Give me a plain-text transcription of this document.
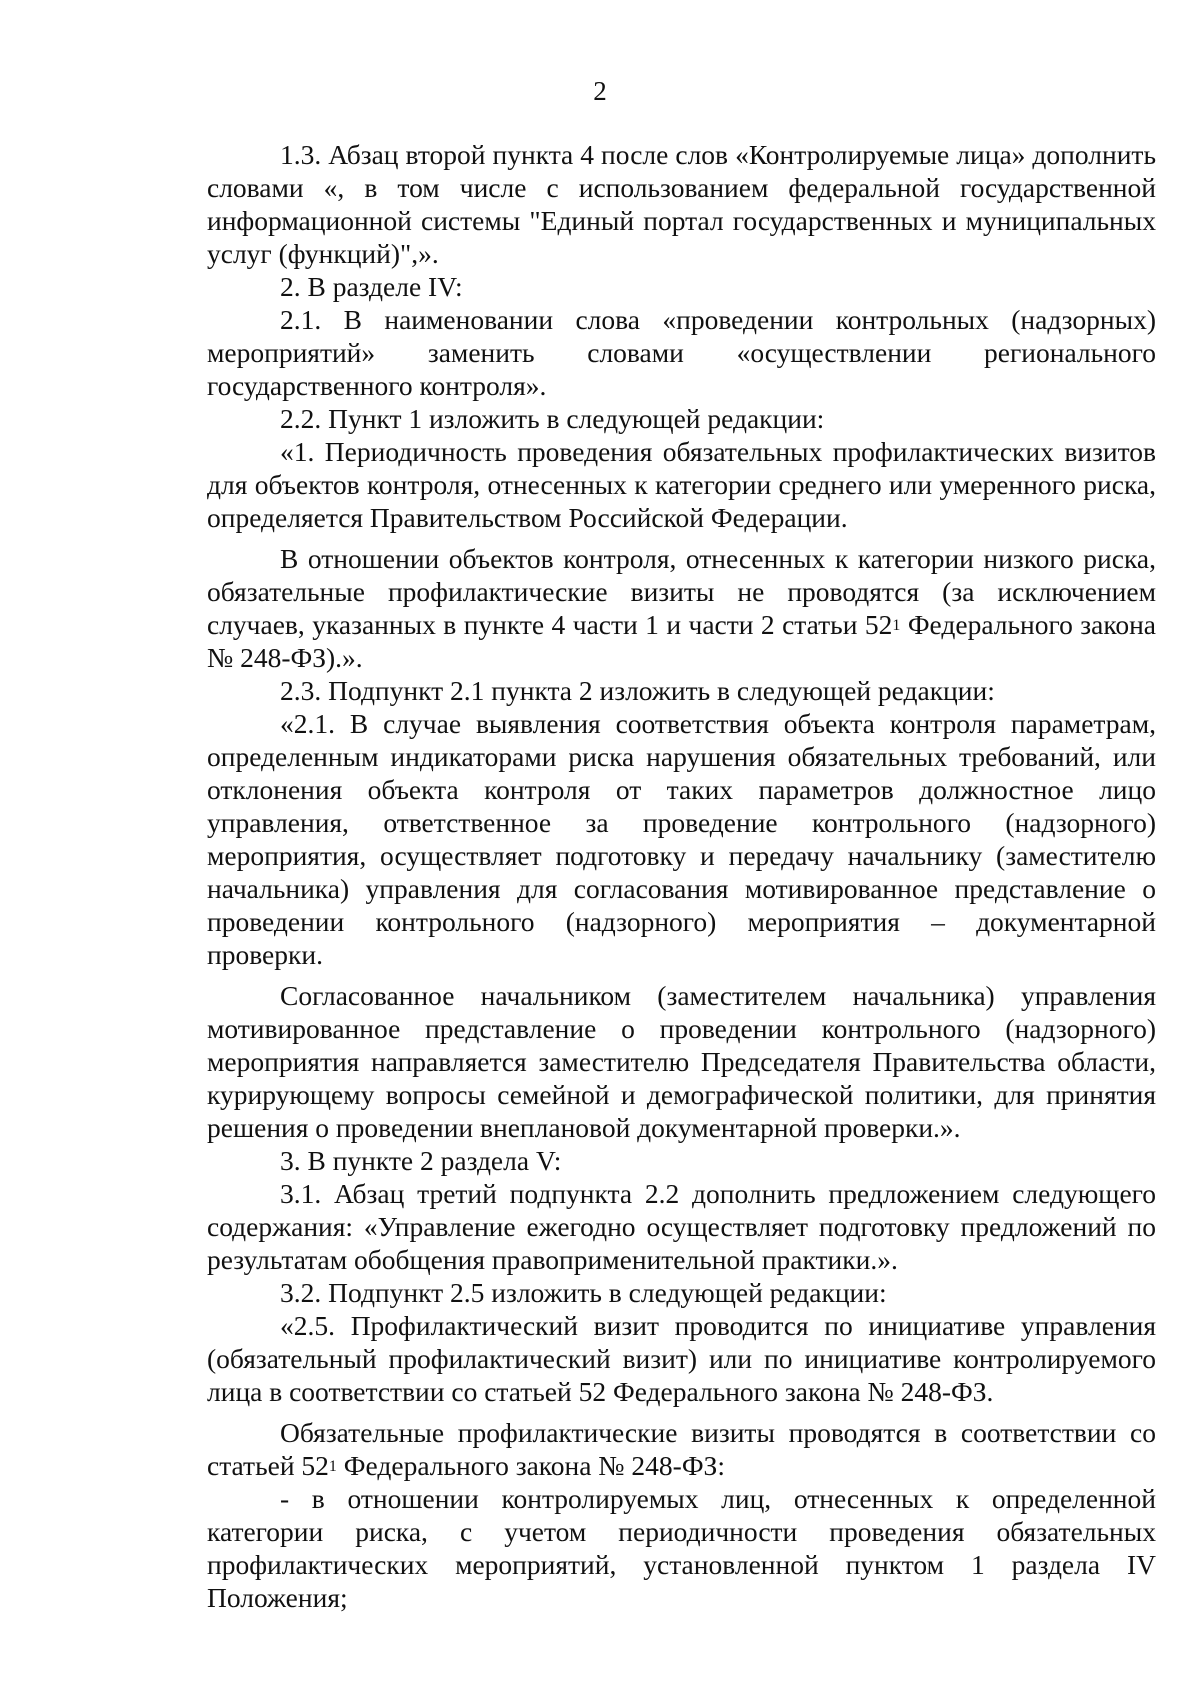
2

1.3. Абзац второй пункта 4 после слов «Контролируемые лица» дополнить словами «, в том числе с использованием федеральной государственной информационной системы "Единый портал государственных и муниципальных услуг (функций)",».

2. В разделе IV:

2.1. В наименовании слова «проведении контрольных (надзорных) мероприятий» заменить словами «осуществлении регионального государственного контроля».

2.2. Пункт 1 изложить в следующей редакции:

«1. Периодичность проведения обязательных профилактических визитов для объектов контроля, отнесенных к категории среднего или умеренного риска, определяется Правительством Российской Федерации.

В отношении объектов контроля, отнесенных к категории низкого риска, обязательные профилактические визиты не проводятся (за исключением случаев, указанных в пункте 4 части 1 и части 2 статьи $52^1$ Федерального закона № 248-ФЗ).».

2.3. Подпункт 2.1 пункта 2 изложить в следующей редакции:

«2.1. В случае выявления соответствия объекта контроля параметрам, определенным индикаторами риска нарушения обязательных требований, или отклонения объекта контроля от таких параметров должностное лицо управления, ответственное за проведение контрольного (надзорного) мероприятия, осуществляет подготовку и передачу начальнику (заместителю начальника) управления для согласования мотивированное представление о проведении контрольного (надзорного) мероприятия – документарной проверки.

Согласованное начальником (заместителем начальника) управления мотивированное представление о проведении контрольного (надзорного) мероприятия направляется заместителю Председателя Правительства области, курирующему вопросы семейной и демографической политики, для принятия решения о проведении внеплановой документарной проверки.».

3. В пункте 2 раздела V:

3.1. Абзац третий подпункта 2.2 дополнить предложением следующего содержания: «Управление ежегодно осуществляет подготовку предложений по результатам обобщения правоприменительной практики.».

3.2. Подпункт 2.5 изложить в следующей редакции:

«2.5. Профилактический визит проводится по инициативе управления (обязательный профилактический визит) или по инициативе контролируемого лица в соответствии со статьей 52 Федерального закона № 248-ФЗ.

Обязательные профилактические визиты проводятся в соответствии со статьей $52^1$ Федерального закона № 248-ФЗ:

- в отношении контролируемых лиц, отнесенных к определенной категории риска, с учетом периодичности проведения обязательных профилактических мероприятий, установленной пунктом 1 раздела IV Положения;
